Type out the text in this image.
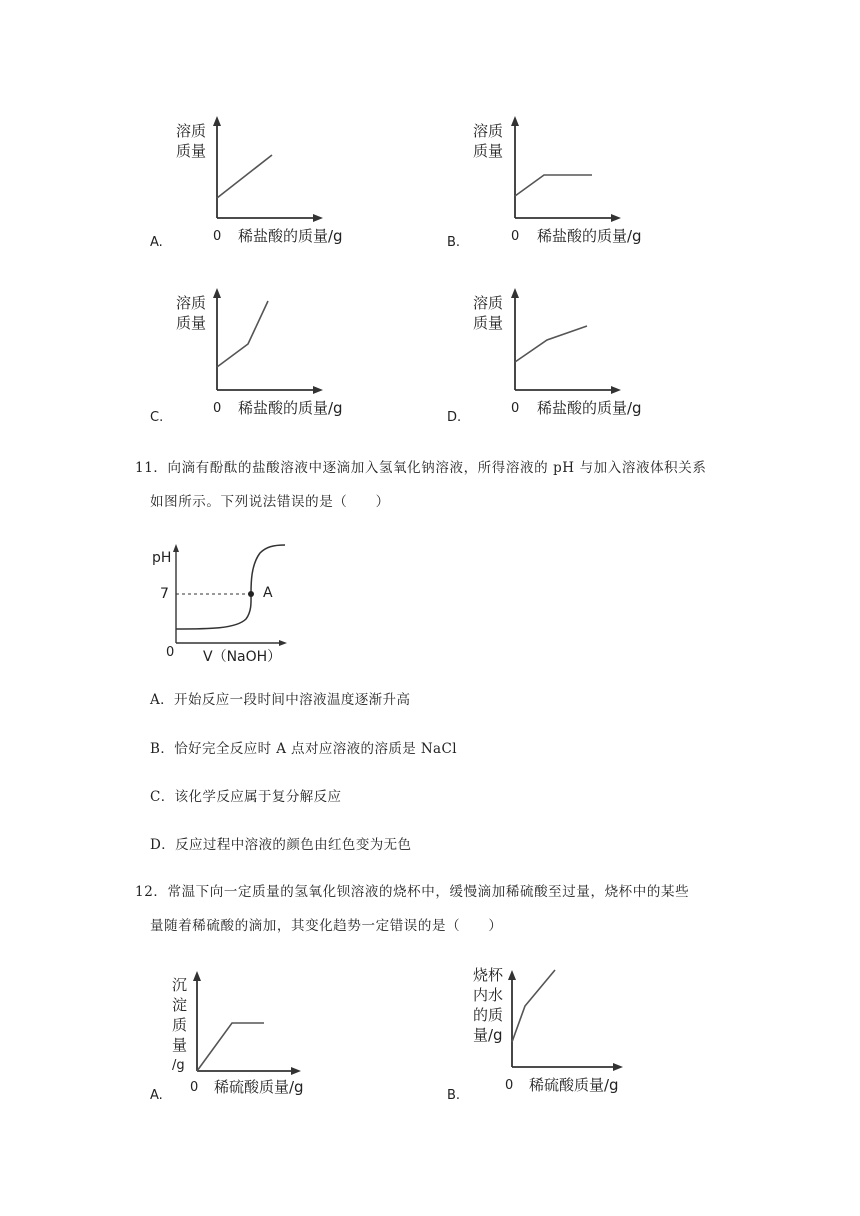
溶质
质量
0 稀盐酸的质量/g
A.
溶质
质量
0 稀盐酸的质量/g
B.
溶质
质量
0 稀盐酸的质量/g
C.
溶质
质量
0 稀盐酸的质量/g
D.
11．向滴有酚酞的盐酸溶液中逐滴加入氢氧化钠溶液，所得溶液的 pH 与加入溶液体积关系
如图所示。下列说法错误的是（　　）
pH
7	A
0 V（NaOH）
A．开始反应一段时间中溶液温度逐渐升高
B．恰好完全反应时 A 点对应溶液的溶质是 NaCl
C．该化学反应属于复分解反应
D．反应过程中溶液的颜色由红色变为无色
12．常温下向一定质量的氢氧化钡溶液的烧杯中，缓慢滴加稀硫酸至过量，烧杯中的某些
量随着稀硫酸的滴加，其变化趋势一定错误的是（　　）
沉
淀
质
量
/g
0 稀硫酸质量/g
A.
烧杯
内水
的质
量/g
0 稀硫酸质量/g
B.
